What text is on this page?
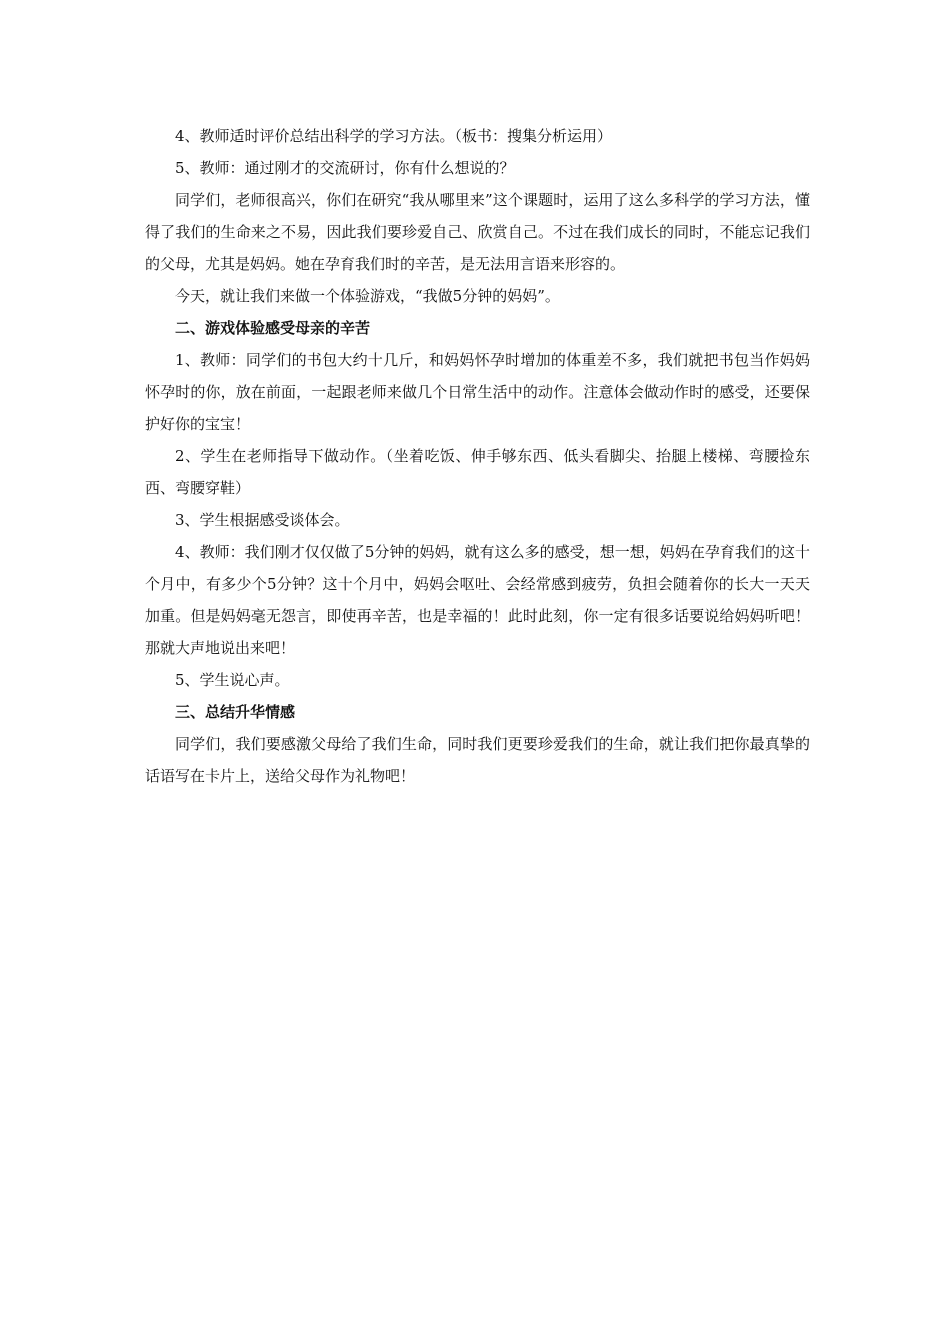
4、教师适时评价总结出科学的学习方法。（板书：搜集分析运用）

5、教师：通过刚才的交流研讨，你有什么想说的？

同学们，老师很高兴，你们在研究“我从哪里来”这个课题时，运用了这么多科学的学习方法，懂得了我们的生命来之不易，因此我们要珍爱自己、欣赏自己。不过在我们成长的同时，不能忘记我们的父母，尤其是妈妈。她在孕育我们时的辛苦，是无法用言语来形容的。

今天，就让我们来做一个体验游戏，“我做5分钟的妈妈”。

二、游戏体验感受母亲的辛苦

1、教师：同学们的书包大约十几斤，和妈妈怀孕时增加的体重差不多，我们就把书包当作妈妈怀孕时的你，放在前面，一起跟老师来做几个日常生活中的动作。注意体会做动作时的感受，还要保护好你的宝宝！

2、学生在老师指导下做动作。（坐着吃饭、伸手够东西、低头看脚尖、抬腿上楼梯、弯腰捡东西、弯腰穿鞋）

3、学生根据感受谈体会。

4、教师：我们刚才仅仅做了5分钟的妈妈，就有这么多的感受，想一想，妈妈在孕育我们的这十个月中，有多少个5分钟？这十个月中，妈妈会呕吐、会经常感到疲劳，负担会随着你的长大一天天加重。但是妈妈毫无怨言，即使再辛苦，也是幸福的！此时此刻，你一定有很多话要说给妈妈听吧！那就大声地说出来吧！

5、学生说心声。

三、总结升华情感

同学们，我们要感激父母给了我们生命，同时我们更要珍爱我们的生命，就让我们把你最真挚的话语写在卡片上，送给父母作为礼物吧！
